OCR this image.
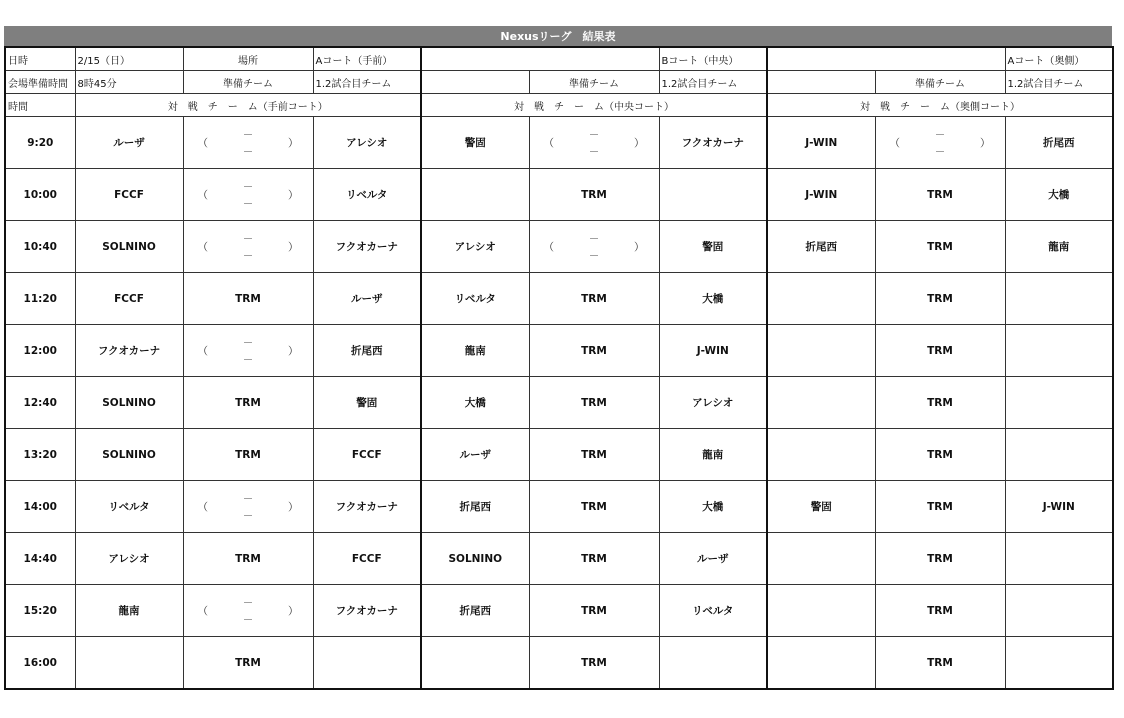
Nexusリーグ　結果表
日時	2/15（日）	場所	Aコート（手前）			Bコート（中央）			Aコート（奥側）
会場準備時間	8時45分	準備チーム	1.2試合目チーム		準備チーム	1.2試合目チーム		準備チーム	1.2試合目チーム
時間	対　戦　チ　ー　ム（手前コート）			対　戦　チ　ー　ム（中央コート）			対　戦　チ　ー　ム（奥側コート）		
9:20	ルーザ	（
－
－
）	アレシオ	警固	（
－
－
）	フクオカーナ	J-WIN	（
－
－
）	折尾西
10:00	FCCF	（
－
－
）	リベルタ		TRM		J-WIN	TRM	大橋
10:40	SOLNINO	（
－
－
）	フクオカーナ	アレシオ	（
－
－
）	警固	折尾西	TRM	龍南
11:20	FCCF	TRM	ルーザ	リベルタ	TRM	大橋		TRM	
12:00	フクオカーナ	（
－
－
）	折尾西	龍南	TRM	J-WIN		TRM	
12:40	SOLNINO	TRM	警固	大橋	TRM	アレシオ		TRM	
13:20	SOLNINO	TRM	FCCF	ルーザ	TRM	龍南		TRM	
14:00	リベルタ	（
－
－
）	フクオカーナ	折尾西	TRM	大橋	警固	TRM	J-WIN
14:40	アレシオ	TRM	FCCF	SOLNINO	TRM	ルーザ		TRM	
15:20	龍南	（
－
－
）	フクオカーナ	折尾西	TRM	リベルタ		TRM	
16:00		TRM			TRM			TRM	
